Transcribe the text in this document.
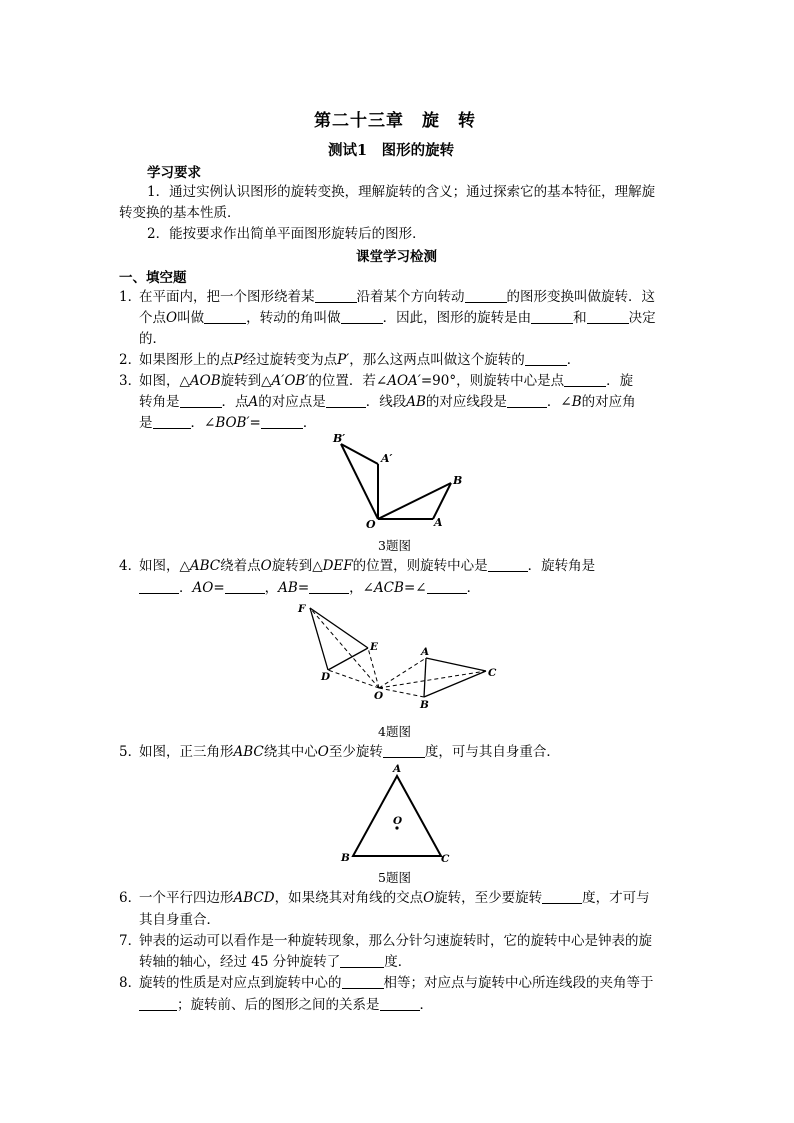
第二十三章　旋　转
测试1　图形的旋转
学习要求
1．通过实例认识图形的旋转变换，理解旋转的含义；通过探索它的基本特征，理解旋
转变换的基本性质．
2．能按要求作出简单平面图形旋转后的图形．
课堂学习检测
一、填空题
1．在平面内，把一个图形绕着某	沿着某个方向转动	的图形变换叫做旋转．这
个点O叫做	，转动的角叫做	．因此，图形的旋转是由	和	决定
的．
2．如果图形上的点P经过旋转变为点P′，那么这两点叫做这个旋转的	．
3．如图，△AOB旋转到△A′OB′的位置．若∠AOA′=90°，则旋转中心是点	．旋
转角是	．点A的对应点是	．线段AB的对应线段是	．∠B的对应角
是	．∠BOB′=	．
B′
A′
B
O	A
3题图
4．如图，△ABC绕着点O旋转到△DEF的位置，则旋转中心是	．旋转角是
．AO=	，AB=	，∠ACB=∠	．
F
E
D
O
A
B
C
4题图
5．如图，正三角形ABC绕其中心O至少旋转	度，可与其自身重合．
A
O
B	C
5题图
6．一个平行四边形ABCD，如果绕其对角线的交点O旋转，至少要旋转	度，才可与
其自身重合．
7．钟表的运动可以看作是一种旋转现象，那么分针匀速旋转时，它的旋转中心是钟表的旋
转轴的轴心，经过 45 分钟旋转了	度．
8．旋转的性质是对应点到旋转中心的	相等；对应点与旋转中心所连线段的夹角等于
；旋转前、后的图形之间的关系是	．
